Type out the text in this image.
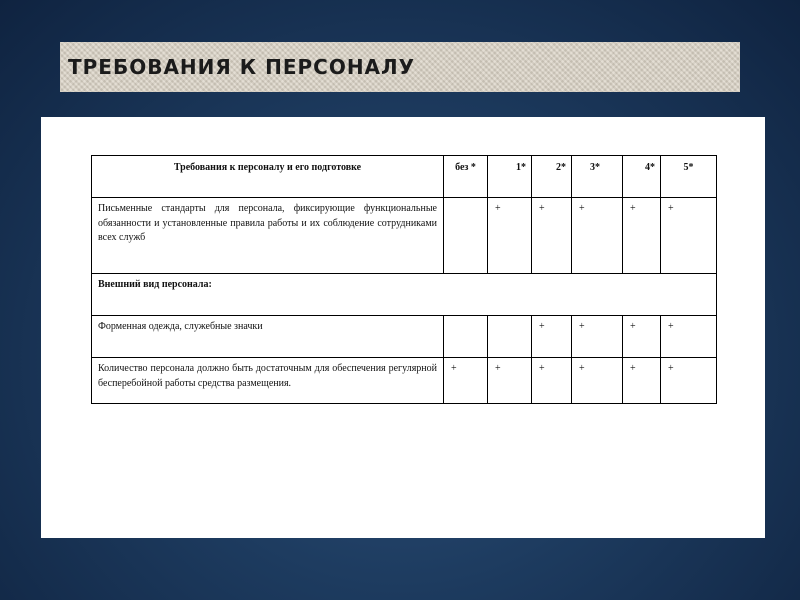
ТРЕБОВАНИЯ К ПЕРСОНАЛУ
Требования к персоналу и его подготовке	без *	1*	2*	3*	4*	5*
Письменные стандарты для персонала, фиксирующие функциональные обязанности и установленные правила работы и их соблюдение сотрудниками всех служб		+	+	+	+	+
Внешний вид персонала:						
Форменная одежда, служебные значки			+	+	+	+
Количество персонала должно быть достаточным для обеспечения регулярной бесперебойной работы средства размещения.	+	+	+	+	+	+
